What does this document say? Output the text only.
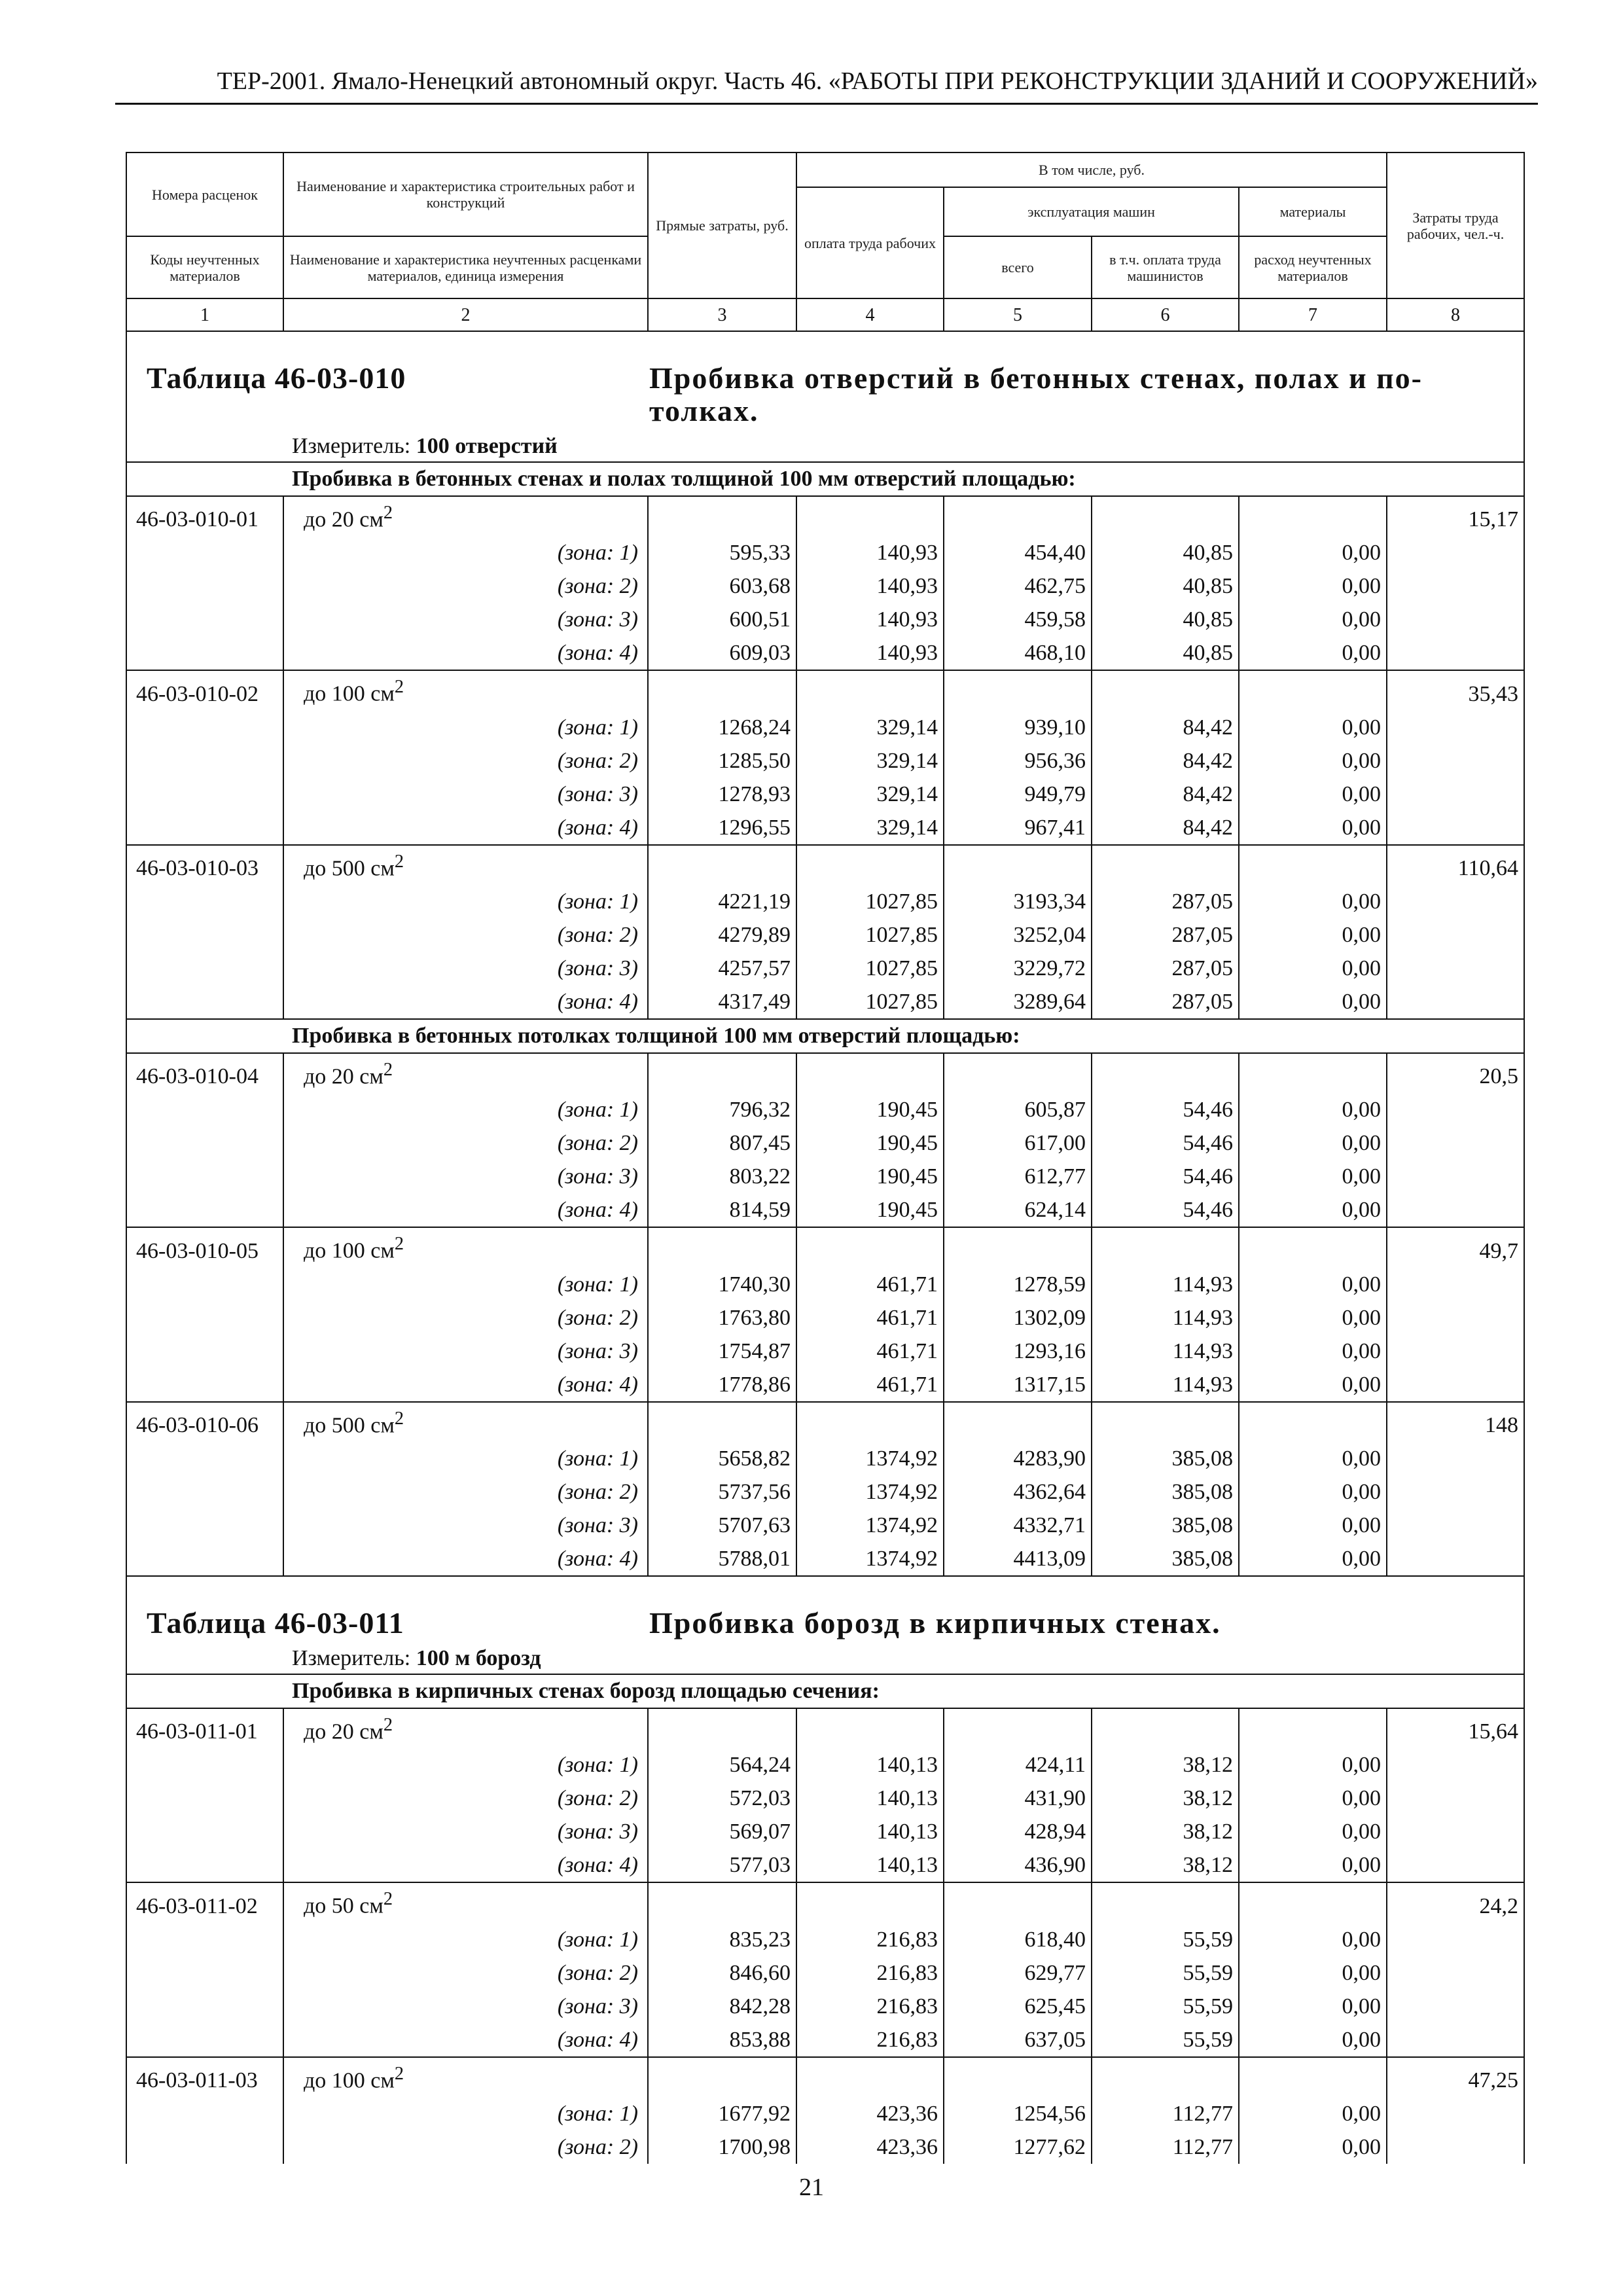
ТЕР-2001. Ямало-Ненецкий автономный округ. Часть 46. «РАБОТЫ ПРИ РЕКОНСТРУКЦИИ ЗДАНИЙ И СООРУЖЕНИЙ»
Номера расценок	Наименование и характеристика строительных работ и конструкций	Прямые затраты, руб.	В том числе, руб.				Затраты труда рабочих, чел.-ч.
			оплата труда рабочих	эксплуатация машин		материалы	
Коды неучтенных материалов	Наименование и характеристика неучтенных расценками материалов, единица измерения			всего	в т.ч. оплата труда машинистов	расход неучтенных материалов	
1	2	3	4	5	6	7	8

Таблица 46-03-010 Пробивка отверстий в бетонных стенах, полах и по-толках.							

Измеритель: 100 отверстий							

Пробивка в бетонных стенах и полах толщиной 100 мм отверстий площадью:							
46-03-010-01	до 20 $см^2$						15,17
	(зона: 1)	595,33	140,93	454,40	40,85	0,00	
	(зона: 2)	603,68	140,93	462,75	40,85	0,00	
	(зона: 3)	600,51	140,93	459,58	40,85	0,00	
	(зона: 4)	609,03	140,93	468,10	40,85	0,00	
46-03-010-02	до 100 $см^2$						35,43
	(зона: 1)	1268,24	329,14	939,10	84,42	0,00	
	(зона: 2)	1285,50	329,14	956,36	84,42	0,00	
	(зона: 3)	1278,93	329,14	949,79	84,42	0,00	
	(зона: 4)	1296,55	329,14	967,41	84,42	0,00	
46-03-010-03	до 500 $см^2$						110,64
	(зона: 1)	4221,19	1027,85	3193,34	287,05	0,00	
	(зона: 2)	4279,89	1027,85	3252,04	287,05	0,00	
	(зона: 3)	4257,57	1027,85	3229,72	287,05	0,00	
	(зона: 4)	4317,49	1027,85	3289,64	287,05	0,00	
Пробивка в бетонных потолках толщиной 100 мм отверстий площадью:							
46-03-010-04	до 20 $см^2$						20,5
	(зона: 1)	796,32	190,45	605,87	54,46	0,00	
	(зона: 2)	807,45	190,45	617,00	54,46	0,00	
	(зона: 3)	803,22	190,45	612,77	54,46	0,00	
	(зона: 4)	814,59	190,45	624,14	54,46	0,00	
46-03-010-05	до 100 $см^2$						49,7
	(зона: 1)	1740,30	461,71	1278,59	114,93	0,00	
	(зона: 2)	1763,80	461,71	1302,09	114,93	0,00	
	(зона: 3)	1754,87	461,71	1293,16	114,93	0,00	
	(зона: 4)	1778,86	461,71	1317,15	114,93	0,00	
46-03-010-06	до 500 $см^2$						148
	(зона: 1)	5658,82	1374,92	4283,90	385,08	0,00	
	(зона: 2)	5737,56	1374,92	4362,64	385,08	0,00	
	(зона: 3)	5707,63	1374,92	4332,71	385,08	0,00	
	(зона: 4)	5788,01	1374,92	4413,09	385,08	0,00	

Таблица 46-03-011 Пробивка борозд в кирпичных стенах.							

Измеритель: 100 м борозд							

Пробивка в кирпичных стенах борозд площадью сечения:							
46-03-011-01	до 20 $см^2$						15,64
	(зона: 1)	564,24	140,13	424,11	38,12	0,00	
	(зона: 2)	572,03	140,13	431,90	38,12	0,00	
	(зона: 3)	569,07	140,13	428,94	38,12	0,00	
	(зона: 4)	577,03	140,13	436,90	38,12	0,00	
46-03-011-02	до 50 $см^2$						24,2
	(зона: 1)	835,23	216,83	618,40	55,59	0,00	
	(зона: 2)	846,60	216,83	629,77	55,59	0,00	
	(зона: 3)	842,28	216,83	625,45	55,59	0,00	
	(зона: 4)	853,88	216,83	637,05	55,59	0,00	
46-03-011-03	до 100 $см^2$						47,25
	(зона: 1)	1677,92	423,36	1254,56	112,77	0,00	
	(зона: 2)	1700,98	423,36	1277,62	112,77	0,00	
21
